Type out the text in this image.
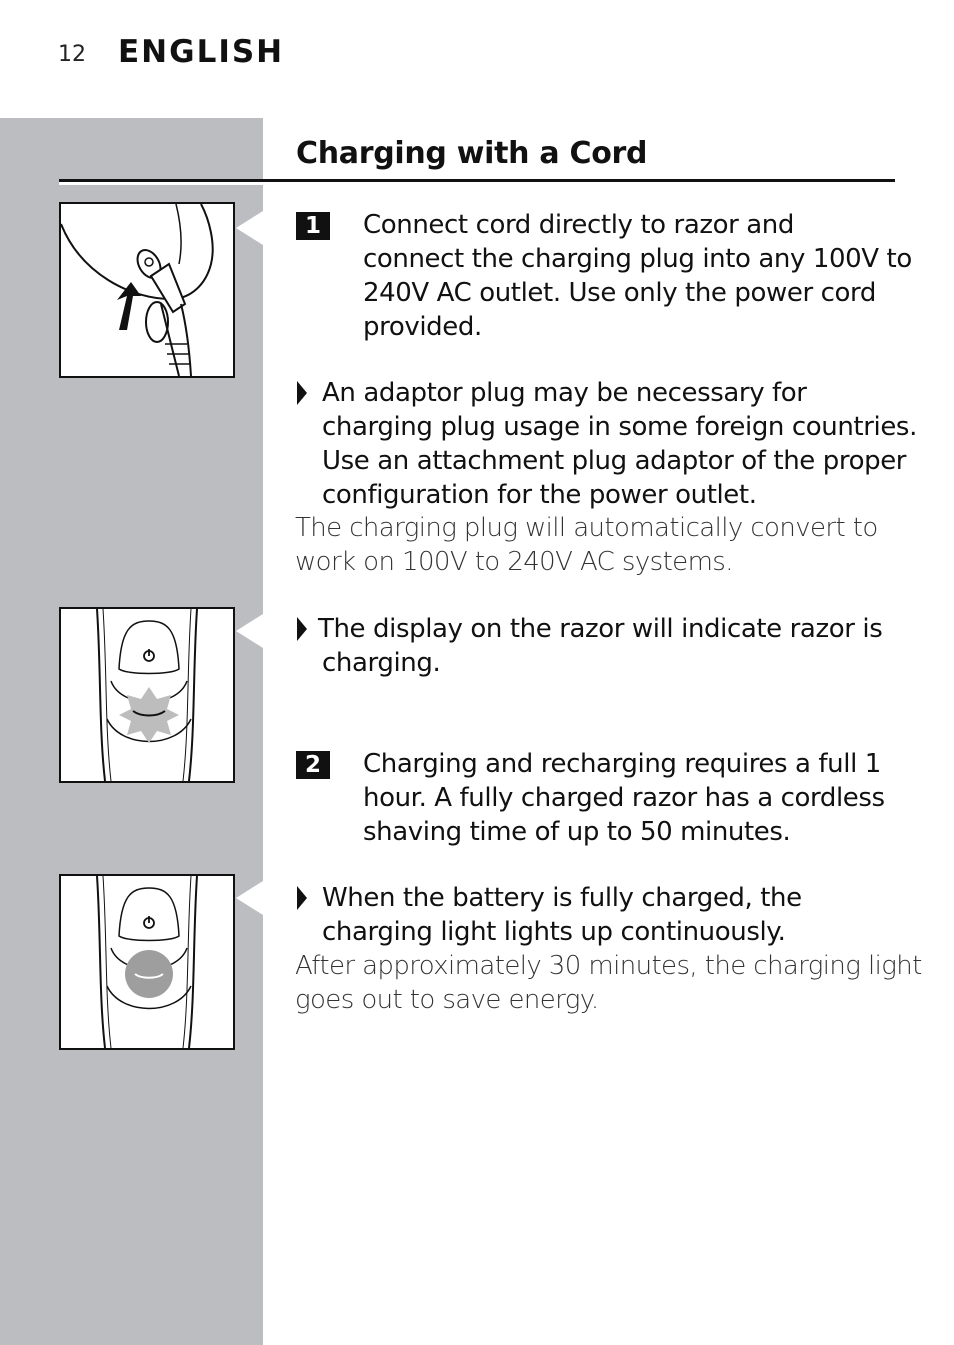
12 ENGLISH
Charging with a Cord
1	Connect cord directly to razor and
connect the charging plug into any 100V to
240V AC outlet. Use only the power cord
provided.
An adaptor plug may be necessary for
charging plug usage in some foreign countries.
Use an attachment plug adaptor of the proper
configuration for the power outlet.
The charging plug will automatically convert to
work on 100V to 240V AC systems.
The display on the razor will indicate razor is
charging.
2	Charging and recharging requires a full 1
hour. A fully charged razor has a cordless
shaving time of up to 50 minutes.
When the battery is fully charged, the
charging light lights up continuously.
After approximately 30 minutes, the charging light
goes out to save energy.
